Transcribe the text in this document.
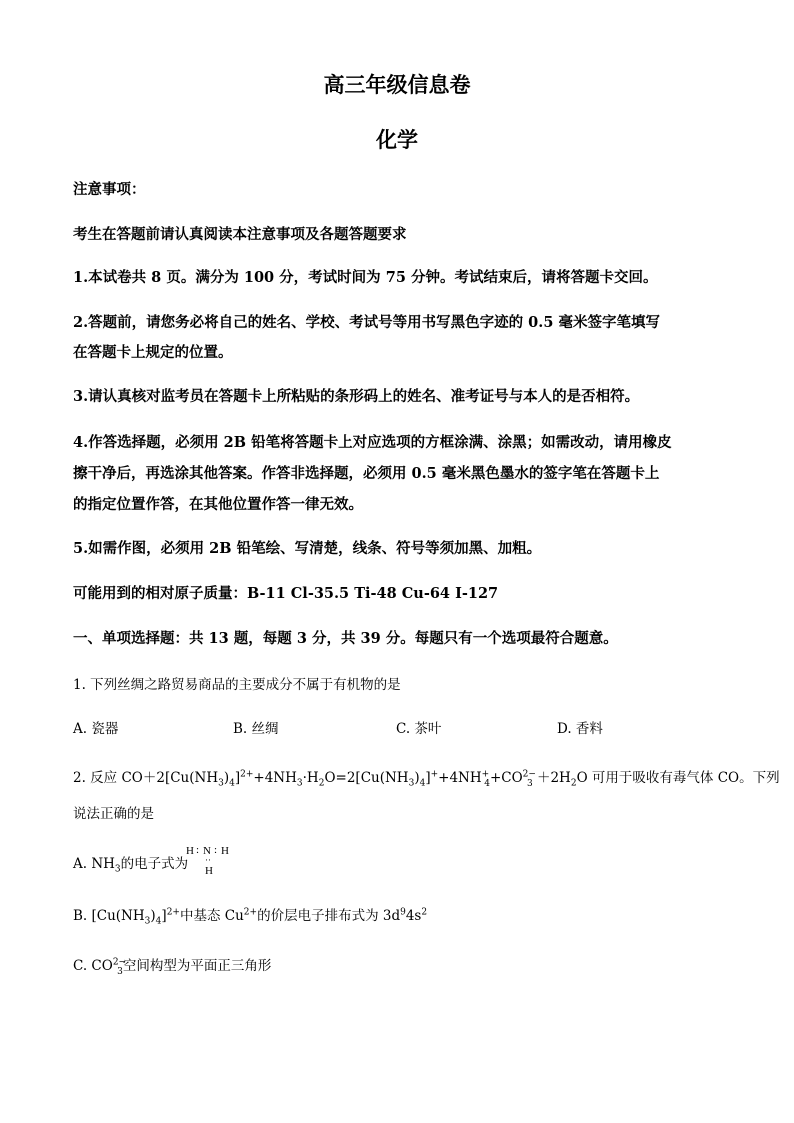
高三年级信息卷
化学
注意事项：
考生在答题前请认真阅读本注意事项及各题答题要求
1.本试卷共 8 页。满分为 100 分，考试时间为 75 分钟。考试结束后，请将答题卡交回。
2.答题前，请您务必将自己的姓名、学校、考试号等用书写黑色字迹的 0.5 毫米签字笔填写
在答题卡上规定的位置。
3.请认真核对监考员在答题卡上所粘贴的条形码上的姓名、准考证号与本人的是否相符。
4.作答选择题，必须用 2B 铅笔将答题卡上对应选项的方框涂满、涂黑；如需改动，请用橡皮
擦干净后，再选涂其他答案。作答非选择题，必须用 0.5 毫米黑色墨水的签字笔在答题卡上
的指定位置作答，在其他位置作答一律无效。
5.如需作图，必须用 2B 铅笔绘、写清楚，线条、符号等须加黑、加粗。
可能用到的相对原子质量：B-11 Cl-35.5 Ti-48 Cu-64 I-127
一、单项选择题：共 13 题，每题 3 分，共 39 分。每题只有一个选项最符合题意。
1. 下列丝绸之路贸易商品的主要成分不属于有机物的是
A. 瓷器	B. 丝绸	C. 茶叶	D. 香料
2. 反应 $CO+2[Cu(NH_3)_4]^{2+}+4NH_3\cdot H_2O=2[Cu(NH_3)_4]^++4NH^+_4+CO^{2-}_3 +2H_2O$ 可用于吸收有毒气体 CO。下列
说法正确的是
A. $NH_3$的电子式为
H : N : H
··
H
B. $[Cu(NH_3)_4]^{2+}$中基态 $Cu^{2+}$的价层电子排布式为 $3d^94s^2$
C. $CO^{2-}_3$空间构型为平面正三角形
